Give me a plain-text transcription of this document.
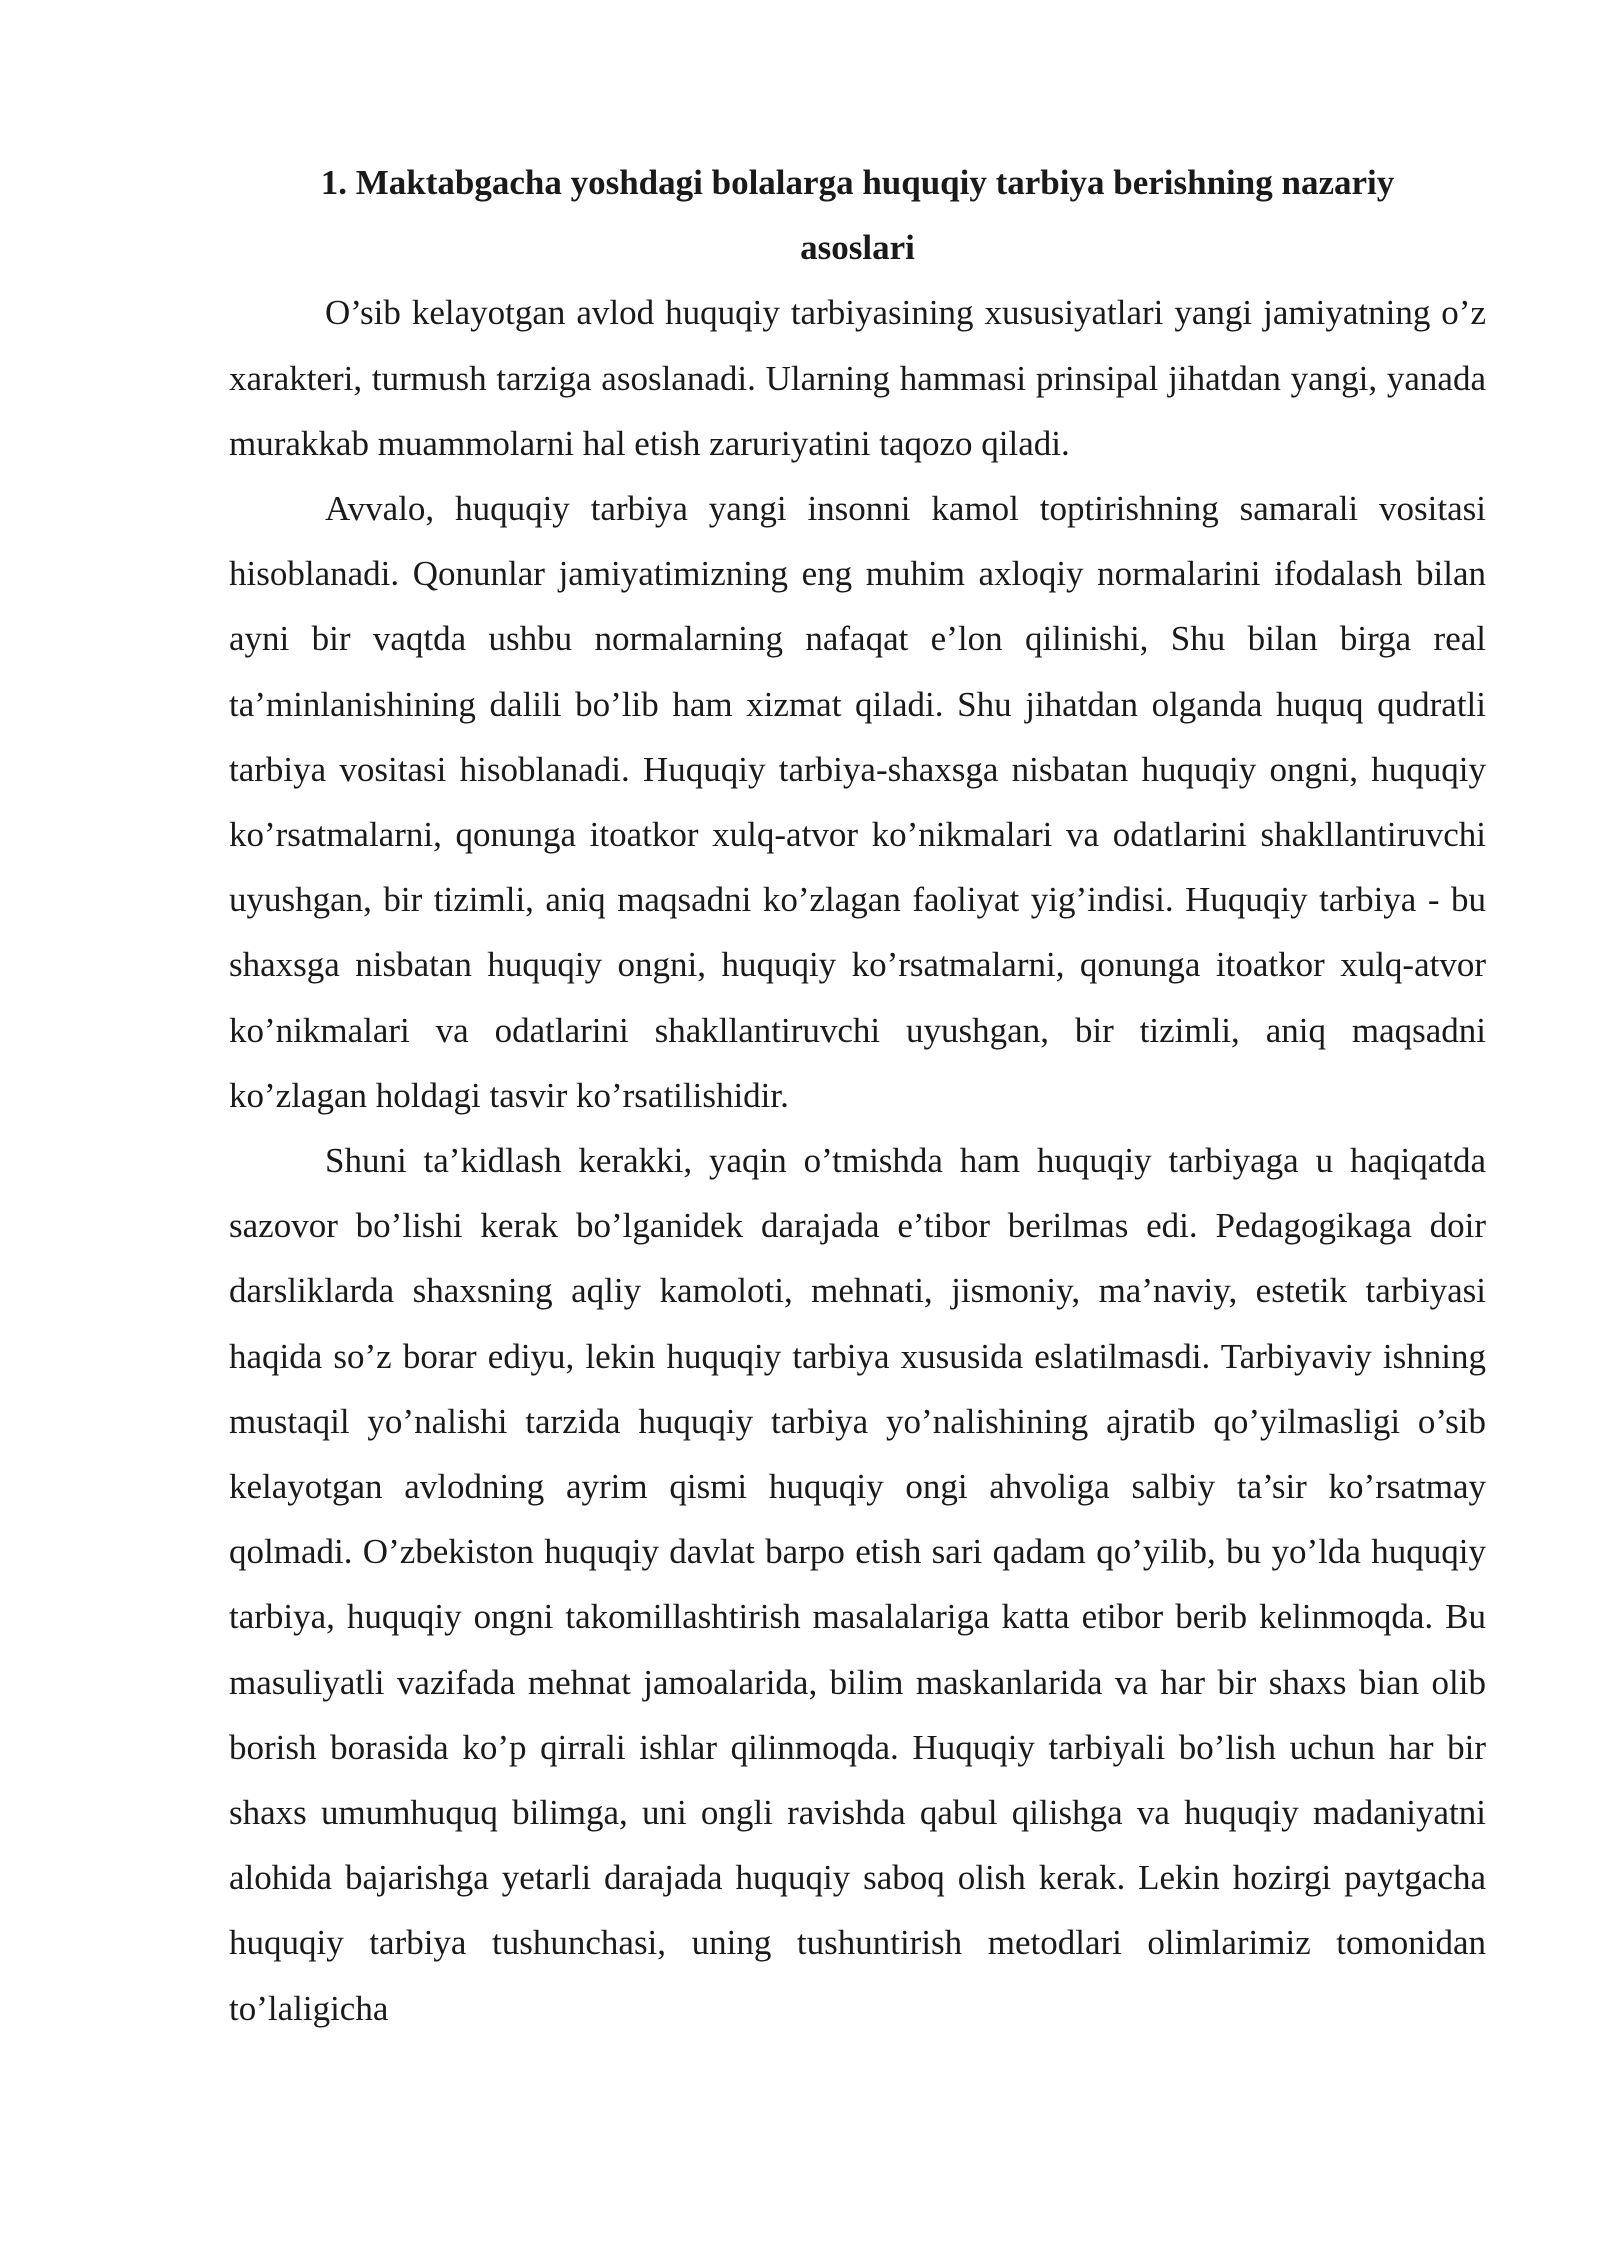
1. Maktabgacha yoshdagi bolalarga huquqiy tarbiya berishning nazariy asoslari

O’sib kelayotgan avlod huquqiy tarbiyasining xususiyatlari yangi jamiyatning o’z xarakteri, turmush tarziga asoslanadi. Ularning hammasi prinsipal jihatdan yangi, yanada murakkab muammolarni hal etish zaruriyatini taqozo qiladi.

Avvalo, huquqiy tarbiya yangi insonni kamol toptirishning samarali vositasi hisoblanadi. Qonunlar jamiyatimizning eng muhim axloqiy normalarini ifodalash bilan ayni bir vaqtda ushbu normalarning nafaqat e’lon qilinishi, Shu bilan birga real ta’minlanishining dalili bo’lib ham xizmat qiladi. Shu jihatdan olganda huquq qudratli tarbiya vositasi hisoblanadi. Huquqiy tarbiya-shaxsga nisbatan huquqiy ongni, huquqiy ko’rsatmalarni, qonunga itoatkor xulq-atvor ko’nikmalari va odatlarini shakllantiruvchi uyushgan, bir tizimli, aniq maqsadni ko’zlagan faoliyat yig’indisi. Huquqiy tarbiya - bu shaxsga nisbatan huquqiy ongni, huquqiy ko’rsatmalarni, qonunga itoatkor xulq-atvor ko’nikmalari va odatlarini shakllantiruvchi uyushgan, bir tizimli, aniq maqsadni ko’zlagan holdagi tasvir ko’rsatilishidir.

Shuni ta’kidlash kerakki, yaqin o’tmishda ham huquqiy tarbiyaga u haqiqatda sazovor bo’lishi kerak bo’lganidek darajada e’tibor berilmas edi. Pedagogikaga doir darsliklarda shaxsning aqliy kamoloti, mehnati, jismoniy, ma’naviy, estetik tarbiyasi haqida so’z borar ediyu, lekin huquqiy tarbiya xususida eslatilmasdi. Tarbiyaviy ishning mustaqil yo’nalishi tarzida huquqiy tarbiya yo’nalishining ajratib qo’yilmasligi o’sib kelayotgan avlodning ayrim qismi huquqiy ongi ahvoliga salbiy ta’sir ko’rsatmay qolmadi. O’zbekiston huquqiy davlat barpo etish sari qadam qo’yilib, bu yo’lda huquqiy tarbiya, huquqiy ongni takomillashtirish masalalariga katta etibor berib kelinmoqda. Bu masuliyatli vazifada mehnat jamoalarida, bilim maskanlarida va har bir shaxs bian olib borish borasida ko’p qirrali ishlar qilinmoqda. Huquqiy tarbiyali bo’lish uchun har bir shaxs umumhuquq bilimga, uni ongli ravishda qabul qilishga va huquqiy madaniyatni alohida bajarishga yetarli darajada huquqiy saboq olish kerak. Lekin hozirgi paytgacha huquqiy tarbiya tushunchasi, uning tushuntirish metodlari olimlarimiz tomonidan to’laligicha
